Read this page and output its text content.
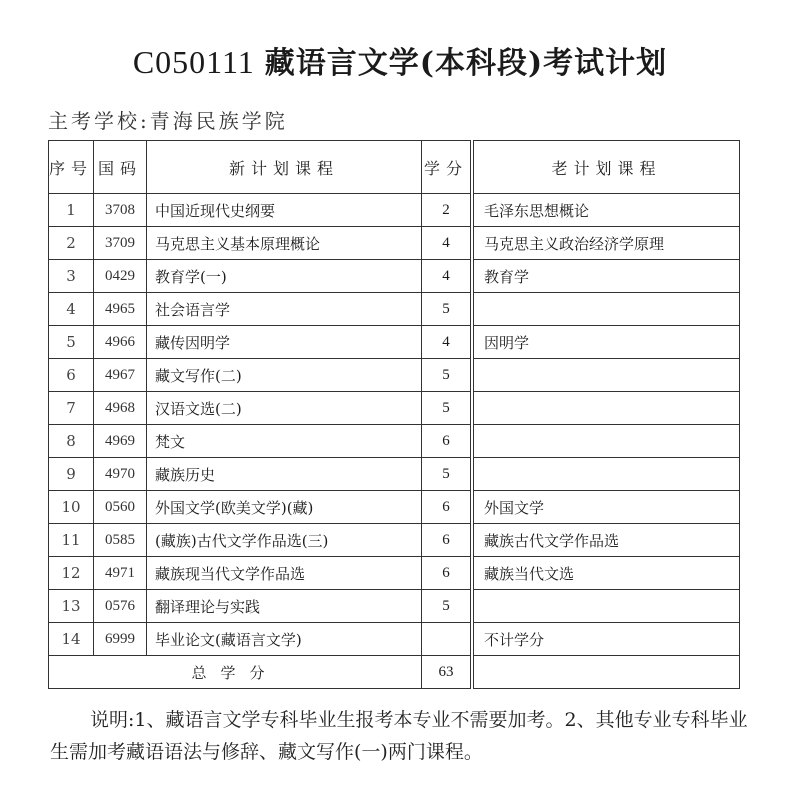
C050111 藏语言文学(本科段)考试计划
主考学校:青海民族学院
序号	国码	新计划课程	学分	老计划课程
1	3708	中国近现代史纲要	2	毛泽东思想概论
2	3709	马克思主义基本原理概论	4	马克思主义政治经济学原理
3	0429	教育学(一)	4	教育学
4	4965	社会语言学	5	
5	4966	藏传因明学	4	因明学
6	4967	藏文写作(二)	5	
7	4968	汉语文选(二)	5	
8	4969	梵文	6	
9	4970	藏族历史	5	
10	0560	外国文学(欧美文学)(藏)	6	外国文学
11	0585	(藏族)古代文学作品选(三)	6	藏族古代文学作品选
12	4971	藏族现当代文学作品选	6	藏族当代文选
13	0576	翻译理论与实践	5	
14	6999	毕业论文(藏语言文学)		不计学分
总学分			63	
说明:1、藏语言文学专科毕业生报考本专业不需要加考。2、其他专业专科毕业生需加考藏语语法与修辞、藏文写作(一)两门课程。
